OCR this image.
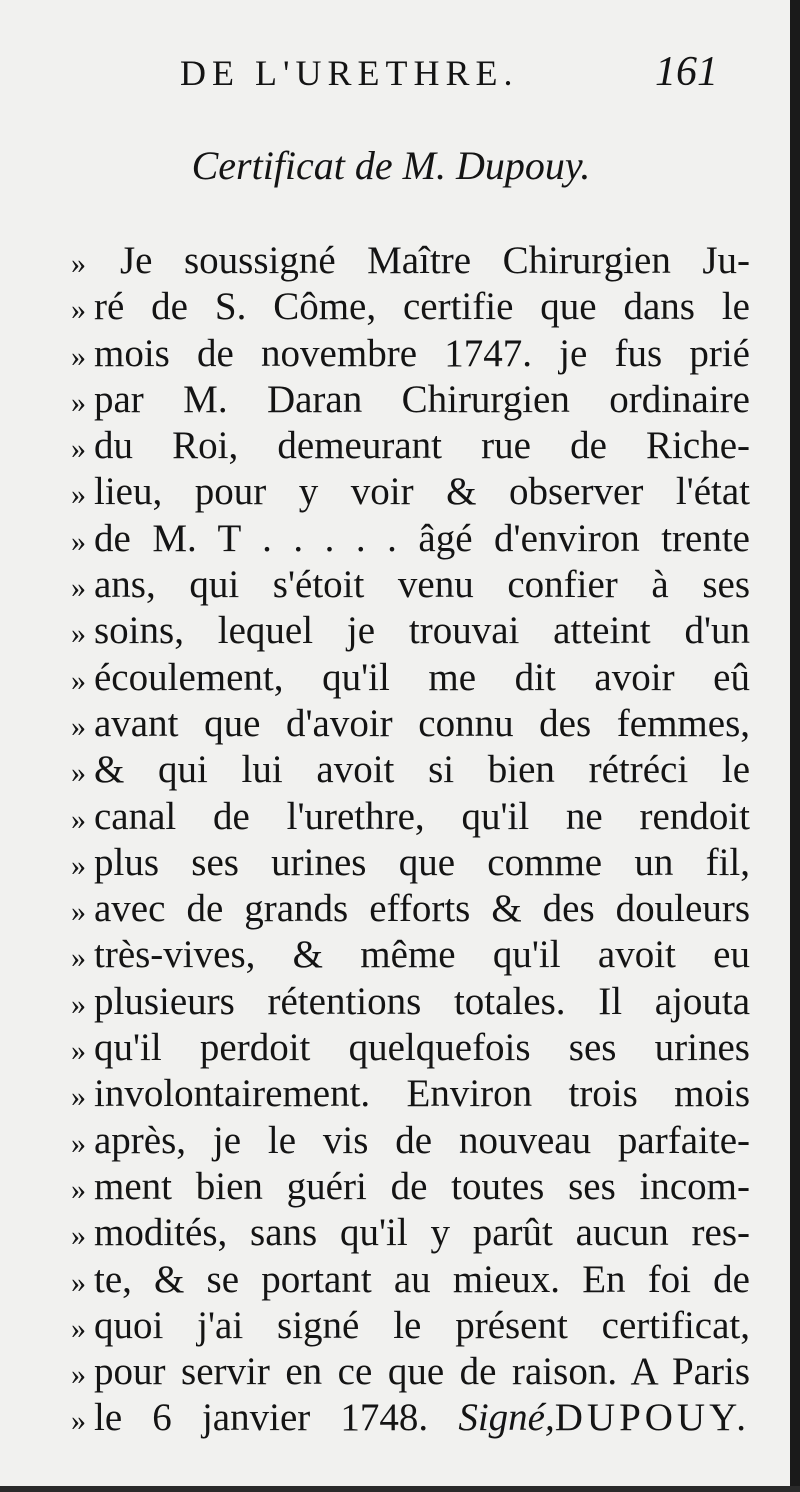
DE L'URETHRE.	161
Certificat de M. Dupouy.
» Je soussigné Maître Chirurgien Ju-
» ré de S. Côme, certifie que dans le
» mois de novembre 1747. je fus prié
» par M. Daran Chirurgien ordinaire
» du Roi, demeurant rue de Riche-
» lieu, pour y voir & observer l'état
» de M. T . . . . . âgé d'environ trente
» ans, qui s'étoit venu confier à ses
» soins, lequel je trouvai atteint d'un
» écoulement, qu'il me dit avoir eû
» avant que d'avoir connu des femmes,
» & qui lui avoit si bien rétréci le
» canal de l'urethre, qu'il ne rendoit
» plus ses urines que comme un fil,
» avec de grands efforts & des douleurs
» très-vives, & même qu'il avoit eu
» plusieurs rétentions totales. Il ajouta
» qu'il perdoit quelquefois ses urines
» involontairement. Environ trois mois
» après, je le vis de nouveau parfaite-
» ment bien guéri de toutes ses incom-
» modités, sans qu'il y parût aucun res-
» te, & se portant au mieux. En foi de
» quoi j'ai signé le présent certificat,
» pour servir en ce que de raison. A Paris
» le 6 janvier 1748. Signé,DUPOUY.
